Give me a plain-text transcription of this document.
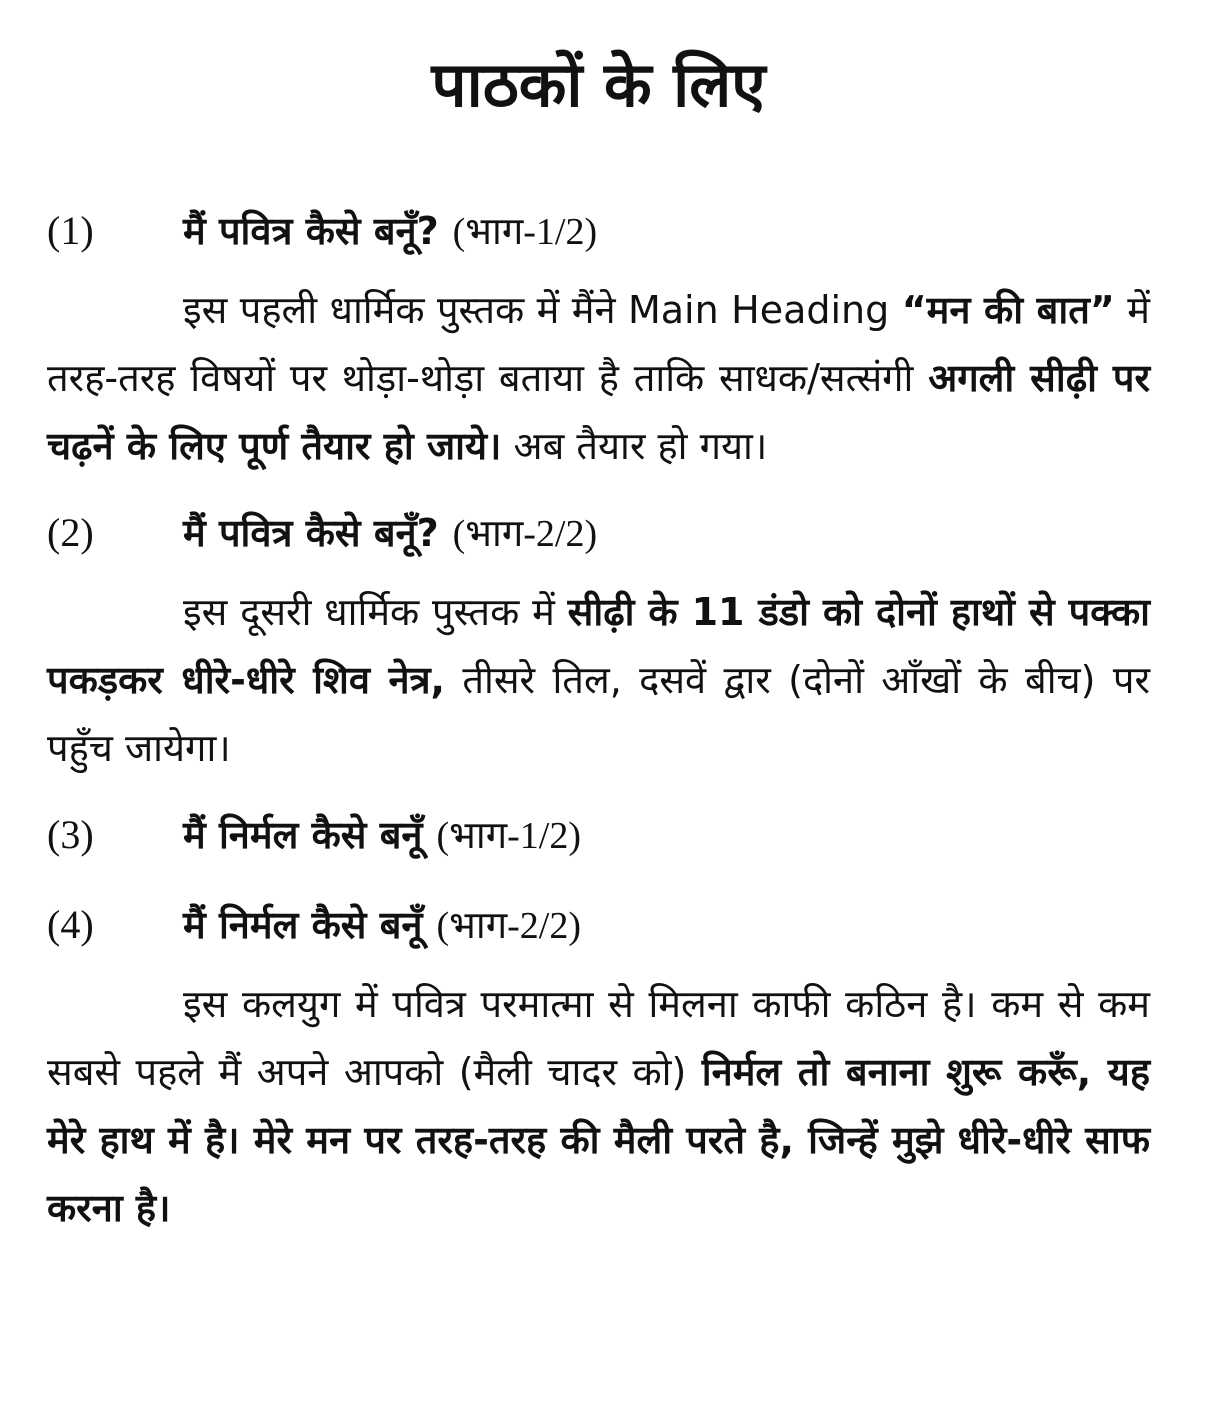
पाठकों के लिए
(1)	मैं पवित्र कैसे बनूँ? (भाग-1/2)

इस पहली धार्मिक पुस्तक में मैंने Main Heading “मन की बात” में तरह-तरह विषयों पर थोड़ा-थोड़ा बताया है ताकि साधक/सत्संगी अगली सीढ़ी पर चढ़नें के लिए पूर्ण तैयार हो जाये। अब तैयार हो गया।

(2)	मैं पवित्र कैसे बनूँ? (भाग-2/2)

इस दूसरी धार्मिक पुस्तक में सीढ़ी के 11 डंडो को दोनों हाथों से पक्का पकड़कर धीरे-धीरे शिव नेत्र, तीसरे तिल, दसवें द्वार (दोनों आँखों के बीच) पर पहुँच जायेगा।

(3)	मैं निर्मल कैसे बनूँ (भाग-1/2)
(4)	मैं निर्मल कैसे बनूँ (भाग-2/2)

इस कलयुग में पवित्र परमात्मा से मिलना काफी कठिन है। कम से कम सबसे पहले मैं अपने आपको (मैली चादर को) निर्मल तो बनाना शुरू करूँ, यह मेरे हाथ में है। मेरे मन पर तरह-तरह की मैली परते है, जिन्हें मुझे धीरे-धीरे साफ करना है।
